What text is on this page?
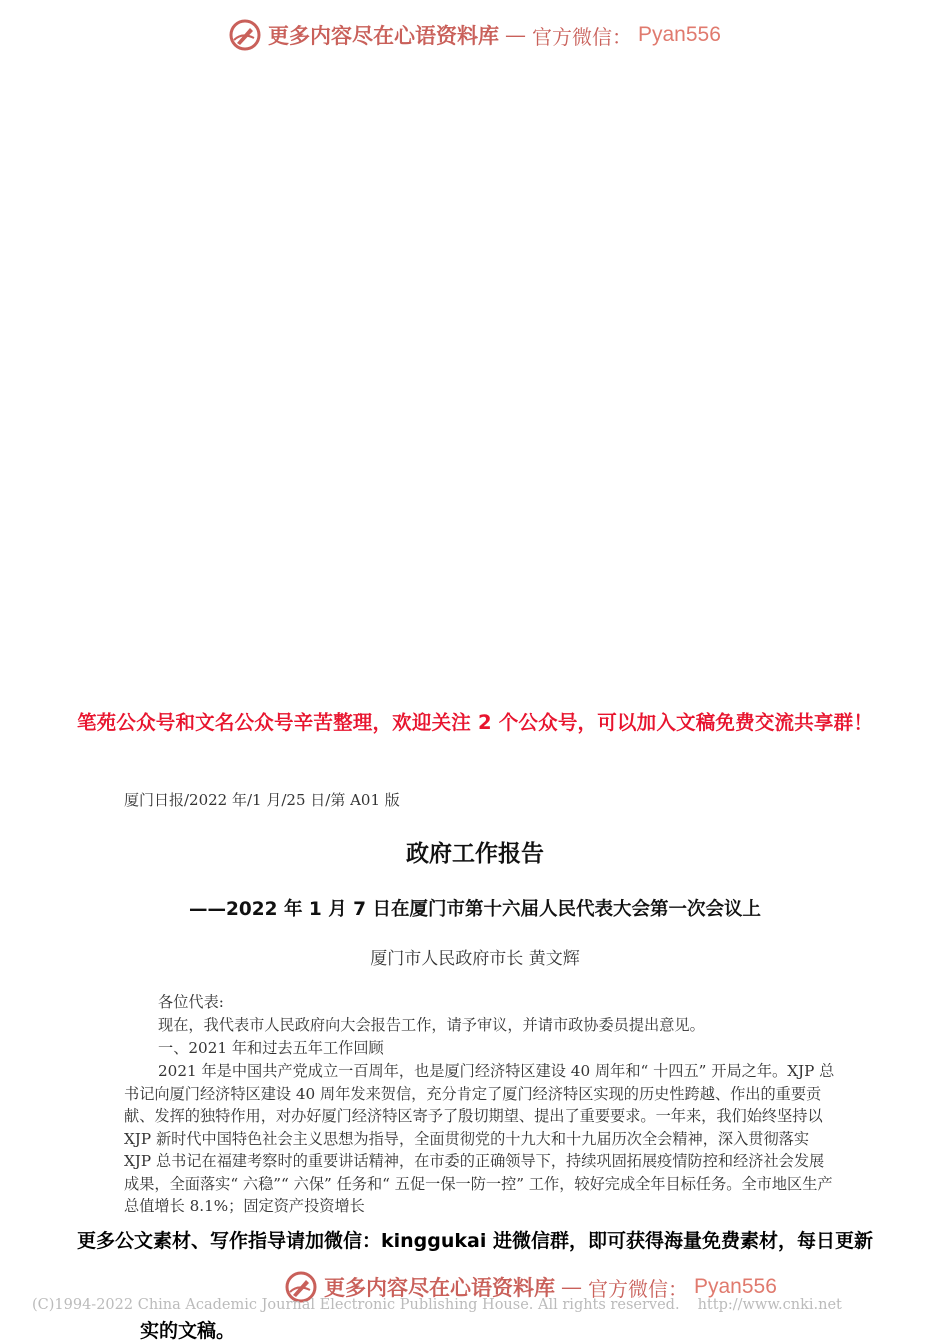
更多内容尽在心语资料库 — 官方微信： Pyan556
笔苑公众号和文名公众号辛苦整理，欢迎关注 2 个公众号，可以加入文稿免费交流共享群！
厦门日报/2022 年/1 月/25 日/第 A01 版
政府工作报告
——2022 年 1 月 7 日在厦门市第十六届人民代表大会第一次会议上
厦门市人民政府市长 黄文辉
各位代表:
现在，我代表市人民政府向大会报告工作，请予审议，并请市政协委员提出意见。
一、2021 年和过去五年工作回顾
2021 年是中国共产党成立一百周年，也是厦门经济特区建设 40 周年和“ 十四五” 开局之年。XJP 总书记向厦门经济特区建设 40 周年发来贺信，充分肯定了厦门经济特区实现的历史性跨越、作出的重要贡献、发挥的独特作用，对办好厦门经济特区寄予了殷切期望、提出了重要要求。一年来，我们始终坚持以 XJP 新时代中国特色社会主义思想为指导，全面贯彻党的十九大和十九届历次全会精神，深入贯彻落实 XJP 总书记在福建考察时的重要讲话精神，在市委的正确领导下，持续巩固拓展疫情防控和经济社会发展成果，全面落实“ 六稳”“ 六保” 任务和“ 五促一保一防一控” 工作，较好完成全年目标任务。全市地区生产总值增长 8.1%；固定资产投资增长
更多公文素材、写作指导请加微信：kinggukai 进微信群，即可获得海量免费素材，每日更新
实的文稿。
更多内容尽在心语资料库 — 官方微信： Pyan556
(C)1994-2022 China Academic Journal Electronic Publishing House. All rights reserved. http://www.cnki.net
